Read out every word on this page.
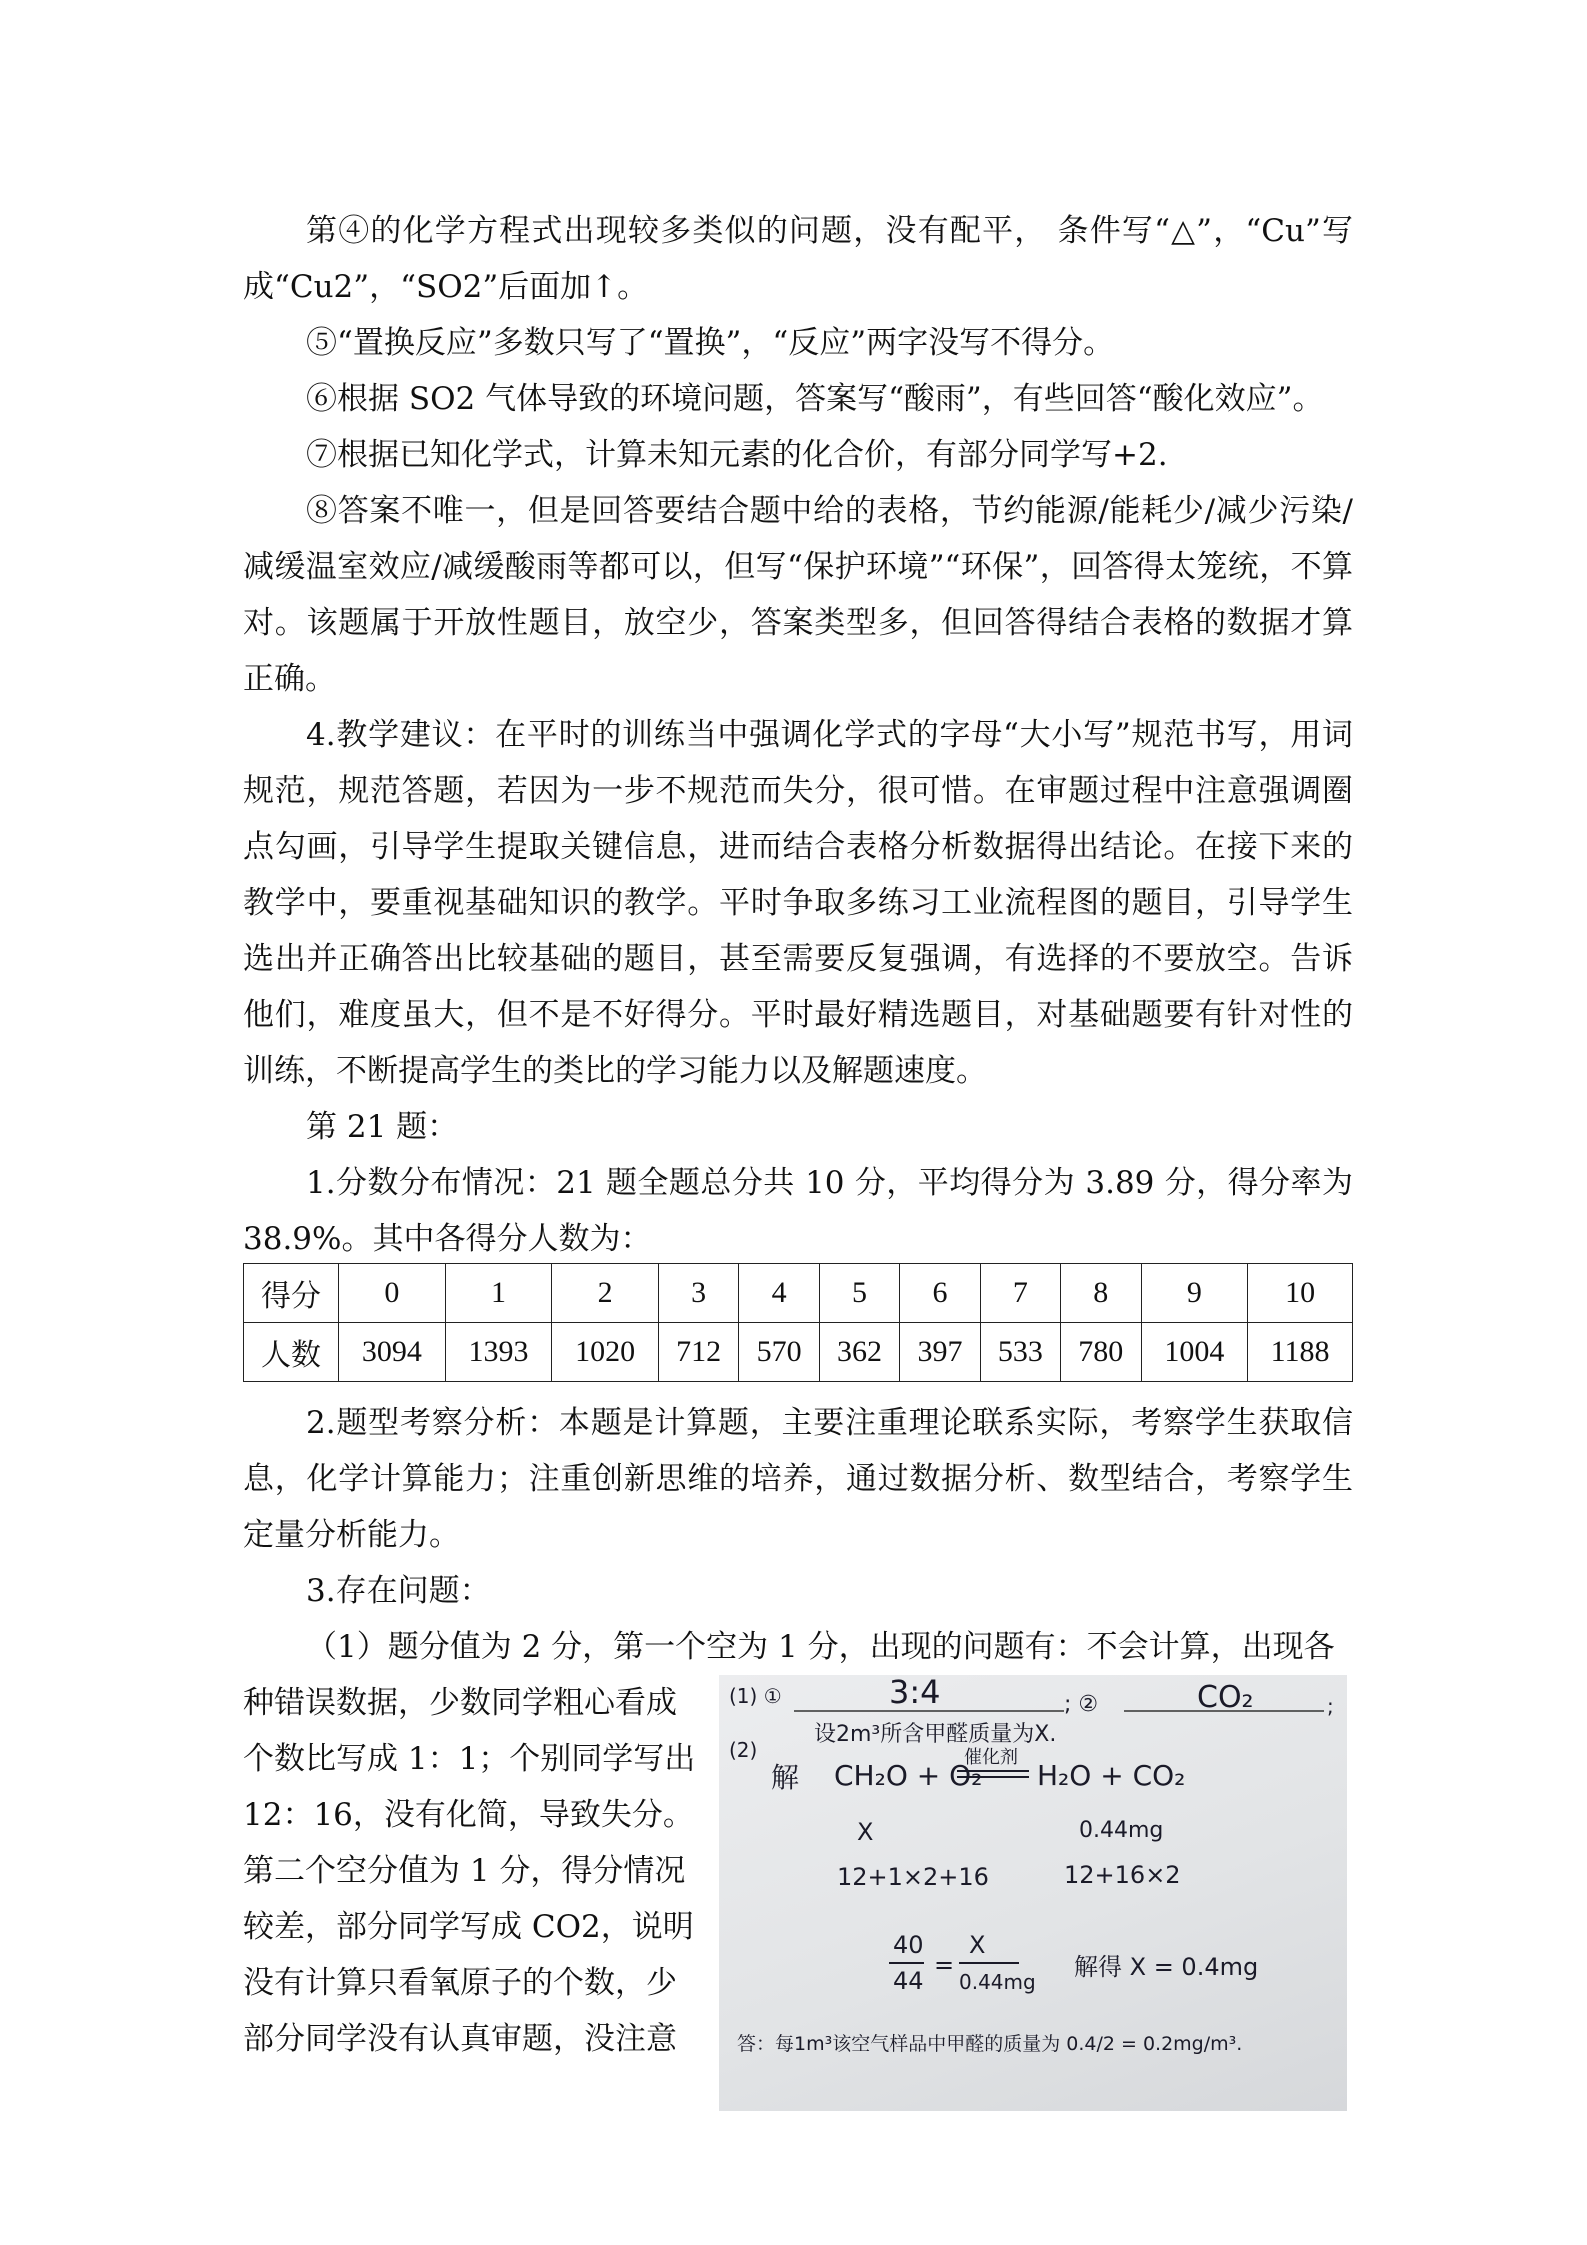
第④的化学方程式出现较多类似的问题，没有配平， 条件写“△”，“Cu”写成“Cu2”，“SO2”后面加↑。

⑤“置换反应”多数只写了“置换”，“反应”两字没写不得分。

⑥根据 SO2 气体导致的环境问题，答案写“酸雨”，有些回答“酸化效应”。

⑦根据已知化学式，计算未知元素的化合价，有部分同学写+2.

⑧答案不唯一，但是回答要结合题中给的表格，节约能源/能耗少/减少污染/减缓温室效应/减缓酸雨等都可以，但写“保护环境”“环保”，回答得太笼统，不算对。该题属于开放性题目，放空少，答案类型多，但回答得结合表格的数据才算正确。

4.教学建议：在平时的训练当中强调化学式的字母“大小写”规范书写，用词规范，规范答题，若因为一步不规范而失分，很可惜。在审题过程中注意强调圈点勾画，引导学生提取关键信息，进而结合表格分析数据得出结论。在接下来的教学中，要重视基础知识的教学。平时争取多练习工业流程图的题目，引导学生选出并正确答出比较基础的题目，甚至需要反复强调，有选择的不要放空。告诉他们，难度虽大，但不是不好得分。平时最好精选题目，对基础题要有针对性的训练，不断提高学生的类比的学习能力以及解题速度。

第 21 题：

1.分数分布情况：21 题全题总分共 10 分，平均得分为 3.89 分，得分率为38.9%。其中各得分人数为：

得分	0	1	2	3	4	5	6	7	8	9	10
人数	3094	1393	1020	712	570	362	397	533	780	1004	1188

2.题型考察分析：本题是计算题，主要注重理论联系实际，考察学生获取信息，化学计算能力；注重创新思维的培养，通过数据分析、数型结合，考察学生定量分析能力。

3.存在问题：

（1）题分值为 2 分，第一个空为 1 分，出现的问题有：不会计算，出现各

种错误数据，少数同学粗心看成

个数比写成 1：1；个别同学写出

12：16，没有化简，导致失分。

第二个空分值为 1 分，得分情况

较差，部分同学写成 CO2，说明

没有计算只看氧原子的个数，少

部分同学没有认真审题，没注意

(1) ①	3:4	; ②	CO₂	;
(2)
设2m³所含甲醛质量为X.
解 CH₂O + O₂
催化剂
H₂O + CO₂
X	0.44mg
12+1×2+16	12+16×2
40
44
=
X
0.44mg
解得 X = 0.4mg
答：每1m³该空气样品中甲醛的质量为 0.4/2 = 0.2mg/m³.
